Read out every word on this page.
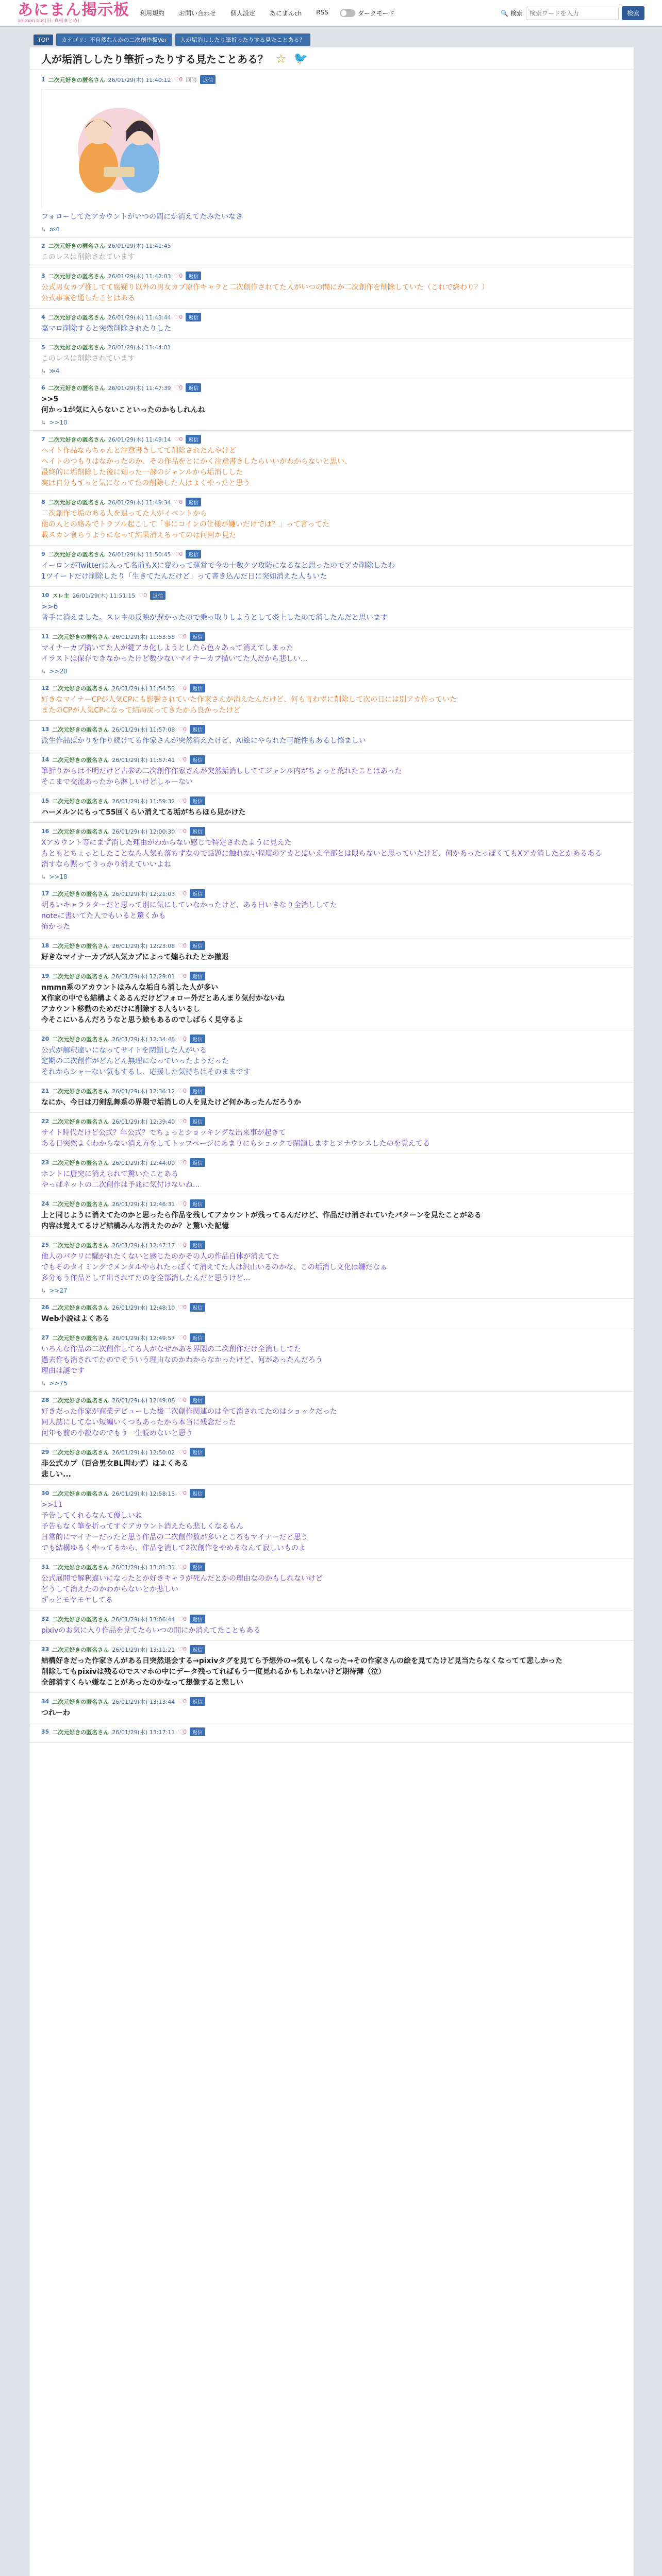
あにまん掲示板
animan bbs(旧: 真相まとめ)
利用規約 お問い合わせ 個人設定 あにまんch RSS	ダークモード	🔍 検索
検索ワードを入力	検索
TOP	カテゴリ：不自然なんかの二次創作板Ver	人が垢消ししたり筆折ったりする見たことある？
人が垢消ししたり筆折ったりする見たことある？ ☆ 🐦
1 二次元好きの匿名さん 26/01/29(木) 11:40:12 ♡0 回答	返信
フォローしてたアカウントがいつの間にか消えてたみたいなさ
↳ ≫4
2 二次元好きの匿名さん 26/01/29(木) 11:41:45
このレスは削除されています
3 二次元好きの匿名さん 26/01/29(木) 11:42:03 ♡0	返信
公式男女カプ推してて腐疑り以外の男女カプ原作キャラと二次創作されてた人がいつの間にか二次創作を削除していた（これで終わり？）
公式事案を通したことはある
4 二次元好きの匿名さん 26/01/29(木) 11:43:44 ♡0	返信
嘉マロ削除すると突然削除されたりした
5 二次元好きの匿名さん 26/01/29(木) 11:44:01
このレスは削除されています
↳ ≫4
6 二次元好きの匿名さん 26/01/29(木) 11:47:39 ♡0	返信
>>5
何かっ1が気に入らないこといったのかもしれんね
↳ >>10
7 二次元好きの匿名さん 26/01/29(木) 11:49:14 ♡0	返信
ヘイト作品ならちゃんと注意書きしてて削除されたんやけど
ヘイトのつもりはなかったのか、その作品をとにかく注意書きしたらいいかわからないと思い、
最終的に垢削除した後に知った一部のジャンルから垢消しした
実は自分もずっと気になってたの削除した人はよくやったと思う
8 二次元好きの匿名さん 26/01/29(木) 11:49:34 ♡0	返信
二次創作で垢のある人を追ってた人がイベントから
他の人との絡みでトラブル起こして「事にコインの仕様が嫌いだけでは？」って言ってた
載スカン食らうようになって結果消えるってのは何回か見た
9 二次元好きの匿名さん 26/01/29(木) 11:50:45 ♡0	返信
イーロンがTwitterに入って名前もXに変わって運営で今の十数ケツ攻防になるなと思ったのでアカ削除したわ
1ツイートだけ削除したり「生きてたんだけど」って書き込んだ日に突如消えた人もいた
10 スレ主 26/01/29(木) 11:51:15 ♡0	返信
>>6
普手に消えました。スレ主の反映が遅かったので乗っ取りしようとして炎上したので消したんだと思います
11 二次元好きの匿名さん 26/01/29(木) 11:53:58 ♡0	返信
マイナーカプ描いてた人が鍵アカ化しようとしたら色々あって消えてしまった
イラストは保存できなかったけど数少ないマイナーカプ描いてた人だから悲しい...
↳ >>20
12 二次元好きの匿名さん 26/01/29(木) 11:54:53 ♡0	返信
好きなマイナーCPが人気CPにも影響されていた作家さんが消えたんだけど、何も言わずに削除して次の日には別アカ作っていた
またのCPが人気CPになって結局戻ってきたから良かったけど
13 二次元好きの匿名さん 26/01/29(木) 11:57:08 ♡0	返信
派生作品ばかりを作り続けてる作家さんが突然消えたけど、AI絵にやられた可能性もあるし悩ましい
14 二次元好きの匿名さん 26/01/29(木) 11:57:41 ♡0	返信
筆折りからは不明だけど古参の二次創作作家さんが突然垢消ししててジャンル内がちょっと荒れたことはあった
そこまで交流あったから淋しいけどしゃーない
15 二次元好きの匿名さん 26/01/29(木) 11:59:32 ♡0	返信
ハーメルンにもって55回くらい消えてる垢がちらほら見かけた
16 二次元好きの匿名さん 26/01/29(木) 12:00:30 ♡0	返信
Xアカウント等にまず消した理由がわからない感じで特定されたように見えた
もともとちょっとしたことなら人気も落ちずなので話題に触れない程度のアカとはいえ全部とは限らないと思っていたけど、何かあったっぽくてもXアカ消したとかあるある
消すなら黙ってうっかり消えていいよね
↳ >>18
17 二次元好きの匿名さん 26/01/29(木) 12:21:03 ♡0	返信
明るいキャラクターだと思って別に気にしていなかったけど、ある日いきなり全消ししてた
noteに書いてた人でもいると驚くかも
怖かった
18 二次元好きの匿名さん 26/01/29(木) 12:23:08 ♡0	返信
好きなマイナーカプが人気カプによって煽られたとか撤退
19 二次元好きの匿名さん 26/01/29(木) 12:29:01 ♡0	返信
nmmn系のアカウントはみんな垢自ら消した人が多い
X作家の中でも結構よくあるんだけどフォロー外だとあんまり気付かないね
アカウント移動のためだけに削除する人もいるし
今そこにいるんだろうなと思う絵もあるのでしばらく見守るよ
20 二次元好きの匿名さん 26/01/29(木) 12:34:48 ♡0	返信
公式が解釈違いになってサイトを閉鎖した人がいる
定期の二次創作がどんどん無理になっていったようだった
それからシャーない気もするし、応援した気持ちはそのままです
21 二次元好きの匿名さん 26/01/29(木) 12:36:12 ♡0	返信
なにか、今日は刀剣乱舞系の界隈で垢消しの人を見たけど何かあったんだろうか
22 二次元好きの匿名さん 26/01/29(木) 12:39:40 ♡0	返信
サイト時代だけど公式？年公式？でちょっとショッキングな出来事が起きて
ある日突然よくわからない消え方をしてトップページにあまりにもショックで閉鎖しますとアナウンスしたのを覚えてる
23 二次元好きの匿名さん 26/01/29(木) 12:44:00 ♡0	返信
ホントに唐突に消えられて驚いたことある
やっぱネットの二次創作は予兆に気付けないね...
24 二次元好きの匿名さん 26/01/29(木) 12:46:31 ♡0	返信
上と同じように消えてたのかと思ったら作品を残してアカウントが残ってるんだけど、作品だけ消されていたパターンを見たことがある
内容は覚えてるけど結構みんな消えたのか？と驚いた記憶
25 二次元好きの匿名さん 26/01/29(木) 12:47:17 ♡0	返信
他人のパクリに騒がれたくないと感じたのかその人の作品自体が消えてた
でもそのタイミングでメンタルやられたっぽくて消えてた人は沢山いるのかな、この垢消し文化は嫌だなぁ
多分もう作品として出されてたのを全部消したんだと思うけど...
↳ >>27
26 二次元好きの匿名さん 26/01/29(木) 12:48:10 ♡0	返信
Web小説はよくある
27 二次元好きの匿名さん 26/01/29(木) 12:49:57 ♡0	返信
いろんな作品の二次創作してる人がなぜかある界隈の二次創作だけ全消ししてた
過去作も消されてたのでそういう理由なのかわからなかったけど、何があったんだろう
理由は謎です
↳ >>75
28 二次元好きの匿名さん 26/01/29(木) 12:49:08 ♡0	返信
好きだった作家が商業デビューした後二次創作関連のは全て消されてたのはショックだった
同人誌にしてない短編いくつもあったから本当に残念だった
何年も前の小説なのでもう一生読めないと思う
29 二次元好きの匿名さん 26/01/29(木) 12:50:02 ♡0	返信
非公式カプ（百合男女BL問わず）はよくある
悲しい...
30 二次元好きの匿名さん 26/01/29(木) 12:58:13 ♡0	返信
>>11
予告してくれるなんて優しいね
予告もなく筆を折ってすぐアカウント消えたら悲しくなるもん
日常的にマイナーだったと思う作品の二次創作数が多いところもマイナーだと思う
でも結構ゆるくやってるから、作品を消して2次創作をやめるなんて寂しいものよ
31 二次元好きの匿名さん 26/01/29(木) 13:01:33 ♡0	返信
公式展開で解釈違いになったとか好きキャラが死んだとかの理由なのかもしれないけど
どうして消えたのかわからないとか悲しい
ずっとモヤモヤしてる
32 二次元好きの匿名さん 26/01/29(木) 13:06:44 ♡0	返信
pixivのお気に入り作品を見てたらいつの間にか消えてたこともある
33 二次元好きの匿名さん 26/01/29(木) 13:11:21 ♡0	返信
結構好きだった作家さんがある日突然退会する→pixivタグを見てら予想外の→気もしくなった→その作家さんの絵を見てたけど見当たらなくなってて悲しかった
削除してもpixivは残るのでスマホの中にデータ残ってればもう一度見れるかもしれないけど期待薄（泣）
全部消すくらい嫌なことがあったのかなって想像すると悲しい
34 二次元好きの匿名さん 26/01/29(木) 13:13:44 ♡0	返信
つれーわ
35 二次元好きの匿名さん 26/01/29(木) 13:17:11 ♡0	返信
